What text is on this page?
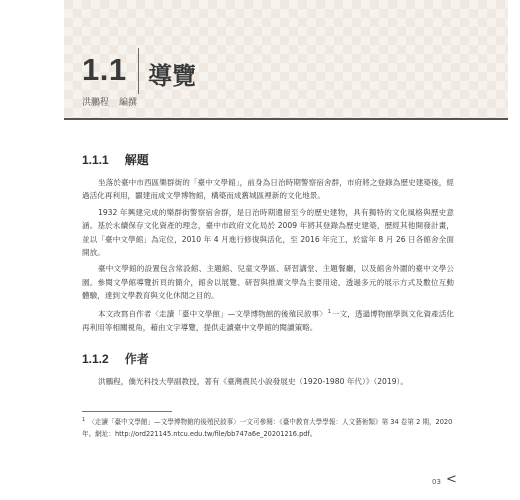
1.1 導覽
洪鵬程 編撰
1.1.1 解題

坐落於臺中市西區樂群街的「臺中文學館」，前身為日治時期警察宿舍群，市府將之登錄為歷史建築後，經過活化再利用，闢建而成文學博物館，構築而成舊城區裡新的文化地景。

1932 年興建完成的樂群街警察宿舍群，是日治時期遺留至今的歷史建物，具有獨特的文化風格與歷史意涵。基於永續保存文化資產的理念，臺中市政府文化局於 2009 年將其登錄為歷史建築，歷經其他開發計畫，並以「臺中文學館」為定位，2010 年 4 月進行修復與活化，至 2016 年完工，於當年 8 月 26 日各館舍全面開放。

臺中文學館的設置包含常設館、主題館、兒童文學區、研習講堂、主題餐廳，以及館舍外圍的臺中文學公園。參閱文學館導覽折頁的簡介，館舍以展覽、研習與推廣文學為主要用途，透過多元的展示方式及數位互動體驗，達到文學教育與文化休閒之目的。

本文改寫自作者〈走讀「臺中文學館」—文學博物館的後殖民敘事〉$^1$一文，透過博物館學與文化資產活化再利用等相關視角，藉由文字導覽，提供走讀臺中文學館的閱讀策略。

1.1.2 作者

洪鵬程，僑光科技大學副教授，著有《臺灣農民小說發展史（1920-1980 年代）》（2019）。

$^1$ 〈走讀「臺中文學館」—文學博物館的後殖民敘事〉一文可參閱：《臺中教育大學學報：人文藝術類》第 34 卷第 2 期，2020 年。網址：http://ord221145.ntcu.edu.tw/file/bb747a6e_20201216.pdf。
03 <
